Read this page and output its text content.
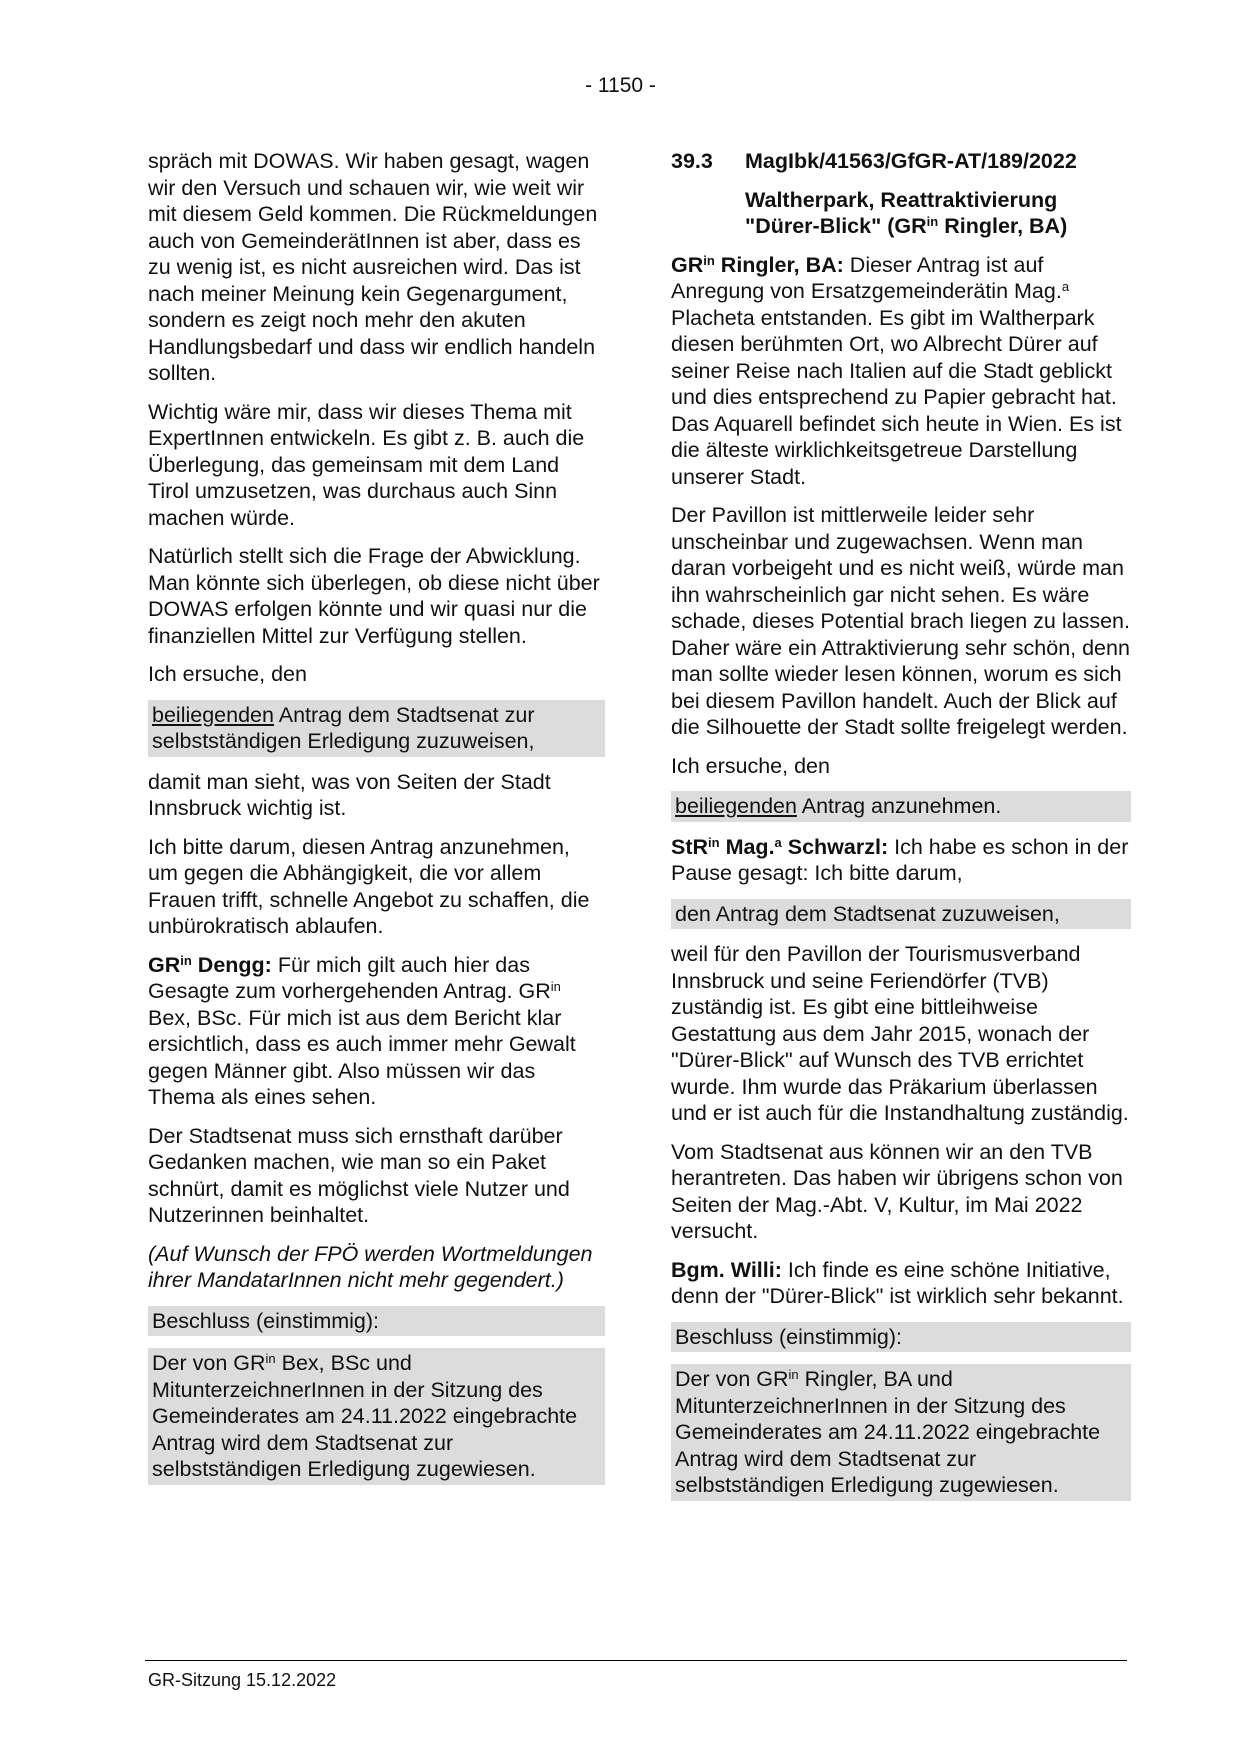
- 1150 -

spräch mit DOWAS. Wir haben gesagt, wagen wir den Versuch und schauen wir, wie weit wir mit diesem Geld kommen. Die Rückmeldungen auch von GemeinderätInnen ist aber, dass es zu wenig ist, es nicht ausreichen wird. Das ist nach meiner Meinung kein Gegenargument, sondern es zeigt noch mehr den akuten Handlungsbedarf und dass wir endlich handeln sollten.

Wichtig wäre mir, dass wir dieses Thema mit ExpertInnen entwickeln. Es gibt z. B. auch die Überlegung, das gemeinsam mit dem Land Tirol umzusetzen, was durchaus auch Sinn machen würde.

Natürlich stellt sich die Frage der Abwicklung. Man könnte sich überlegen, ob diese nicht über DOWAS erfolgen könnte und wir quasi nur die finanziellen Mittel zur Verfügung stellen.

Ich ersuche, den

beiliegenden Antrag dem Stadtsenat zur selbstständigen Erledigung zuzuweisen,

damit man sieht, was von Seiten der Stadt Innsbruck wichtig ist.

Ich bitte darum, diesen Antrag anzunehmen, um gegen die Abhängigkeit, die vor allem Frauen trifft, schnelle Angebot zu schaffen, die unbürokratisch ablaufen.

$GR^{in}$ Dengg: Für mich gilt auch hier das Gesagte zum vorhergehenden Antrag. $GR^{in}$ Bex, BSc. Für mich ist aus dem Bericht klar ersichtlich, dass es auch immer mehr Gewalt gegen Männer gibt. Also müssen wir das Thema als eines sehen.

Der Stadtsenat muss sich ernsthaft darüber Gedanken machen, wie man so ein Paket schnürt, damit es möglichst viele Nutzer und Nutzerinnen beinhaltet.

(Auf Wunsch der FPÖ werden Wortmeldungen ihrer MandatarInnen nicht mehr gegendert.)

Beschluss (einstimmig):

Der von $GR^{in}$ Bex, BSc und MitunterzeichnerInnen in der Sitzung des Gemeinderates am 24.11.2022 eingebrachte Antrag wird dem Stadtsenat zur selbstständigen Erledigung zugewiesen.

39.3	MagIbk/41563/GfGR-AT/189/2022
Waltherpark, Reattraktivierung "Dürer-Blick" ($GR^{in}$ Ringler, BA)

$GR^{in}$ Ringler, BA: Dieser Antrag ist auf Anregung von Ersatzgemeinderätin Mag.$^a$ Placheta entstanden. Es gibt im Waltherpark diesen berühmten Ort, wo Albrecht Dürer auf seiner Reise nach Italien auf die Stadt geblickt und dies entsprechend zu Papier gebracht hat. Das Aquarell befindet sich heute in Wien. Es ist die älteste wirklichkeitsgetreue Darstellung unserer Stadt.

Der Pavillon ist mittlerweile leider sehr unscheinbar und zugewachsen. Wenn man daran vorbeigeht und es nicht weiß, würde man ihn wahrscheinlich gar nicht sehen. Es wäre schade, dieses Potential brach liegen zu lassen. Daher wäre ein Attraktivierung sehr schön, denn man sollte wieder lesen können, worum es sich bei diesem Pavillon handelt. Auch der Blick auf die Silhouette der Stadt sollte freigelegt werden.

Ich ersuche, den

beiliegenden Antrag anzunehmen.

StR$^{in}$ Mag.$^a$ Schwarzl: Ich habe es schon in der Pause gesagt: Ich bitte darum,

den Antrag dem Stadtsenat zuzuweisen,

weil für den Pavillon der Tourismusverband Innsbruck und seine Feriendörfer (TVB) zuständig ist. Es gibt eine bittleihweise Gestattung aus dem Jahr 2015, wonach der "Dürer-Blick" auf Wunsch des TVB errichtet wurde. Ihm wurde das Präkarium überlassen und er ist auch für die Instandhaltung zuständig.

Vom Stadtsenat aus können wir an den TVB herantreten. Das haben wir übrigens schon von Seiten der Mag.-Abt. V, Kultur, im Mai 2022 versucht.

Bgm. Willi: Ich finde es eine schöne Initiative, denn der "Dürer-Blick" ist wirklich sehr bekannt.

Beschluss (einstimmig):

Der von $GR^{in}$ Ringler, BA und MitunterzeichnerInnen in der Sitzung des Gemeinderates am 24.11.2022 eingebrachte Antrag wird dem Stadtsenat zur selbstständigen Erledigung zugewiesen.

GR-Sitzung 15.12.2022
